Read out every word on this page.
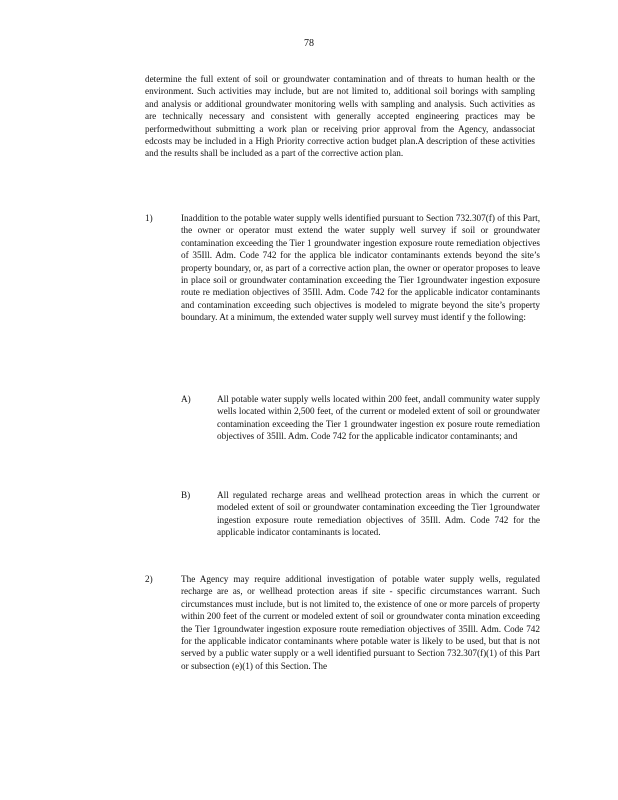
78
determine the full extent of soil or groundwater contamination and of threats to human health or the environment. Such activities may include, but are not limited to, additional soil borings with sampling and analysis or additional groundwater monitoring wells with sampling and analysis. Such activities as are technically necessary and consistent with generally accepted engineering practices may be performedwithout submitting a work plan or receiving prior approval from the Agency, andassociat edcosts may be included in a High Priority corrective action budget plan.A description of these activities and the results shall be included as a part of the corrective action plan.
1)	Inaddition to the potable water supply wells identified pursuant to Section 732.307(f) of this Part, the owner or operator must extend the water supply well survey if soil or groundwater contamination exceeding the Tier 1 groundwater ingestion exposure route remediation objectives of 35Ill. Adm. Code 742 for the applica ble indicator contaminants extends beyond the site’s property boundary, or, as part of a corrective action plan, the owner or operator proposes to leave in place soil or groundwater contamination exceeding the Tier 1groundwater ingestion exposure route re mediation objectives of 35Ill. Adm. Code 742 for the applicable indicator contaminants and contamination exceeding such objectives is modeled to migrate beyond the site’s property boundary. At a minimum, the extended water supply well survey must identif y the following:
A)	All potable water supply wells located within 200 feet, andall community water supply wells located within 2,500 feet, of the current or modeled extent of soil or groundwater contamination exceeding the Tier 1 groundwater ingestion ex posure route remediation objectives of 35Ill. Adm. Code 742 for the applicable indicator contaminants; and
B)	All regulated recharge areas and wellhead protection areas in which the current or modeled extent of soil or groundwater contamination exceeding the Tier 1groundwater ingestion exposure route remediation objectives of 35Ill. Adm. Code 742 for the applicable indicator contaminants is located.
2)	The Agency may require additional investigation of potable water supply wells, regulated recharge are as, or wellhead protection areas if site - specific circumstances warrant. Such circumstances must include, but is not limited to, the existence of one or more parcels of property within 200 feet of the current or modeled extent of soil or groundwater conta mination exceeding the Tier 1groundwater ingestion exposure route remediation objectives of 35Ill. Adm. Code 742 for the applicable indicator contaminants where potable water is likely to be used, but that is not served by a public water supply or a well identified pursuant to Section 732.307(f)(1) of this Part or subsection (e)(1) of this Section. The
